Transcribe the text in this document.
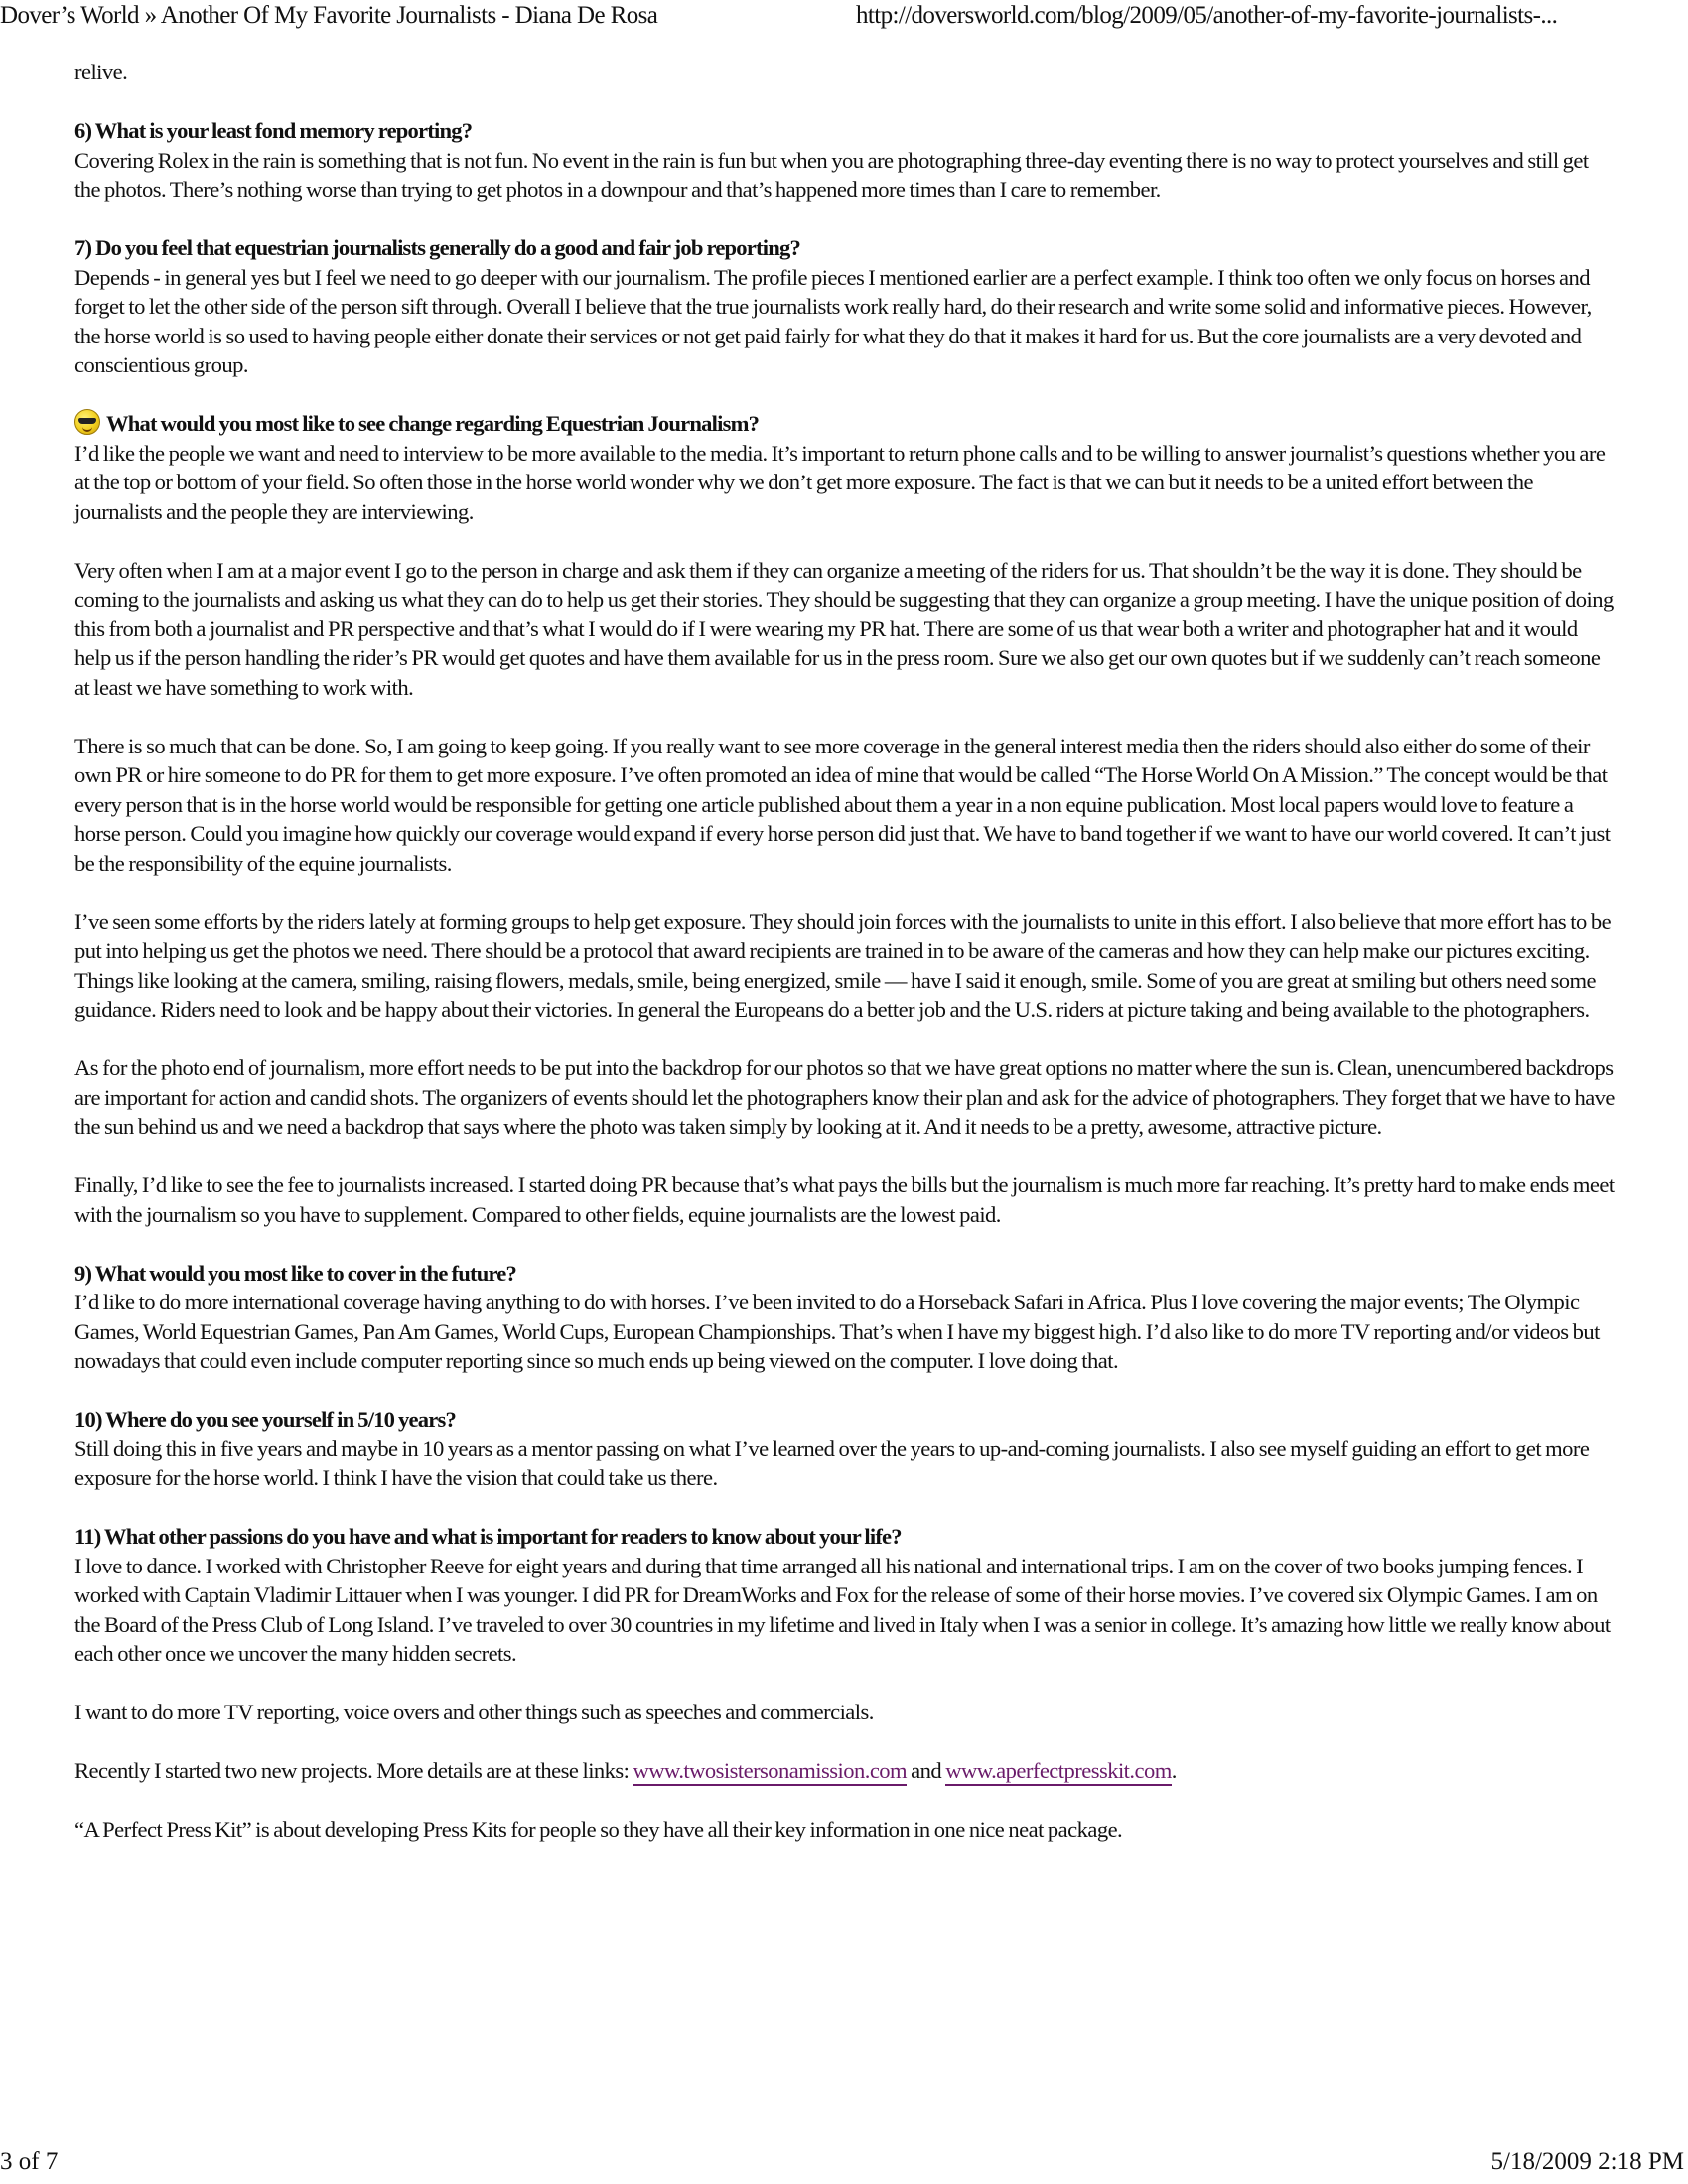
Dover’s World » Another Of My Favorite Journalists - Diana De Rosa	http://doversworld.com/blog/2009/05/another-of-my-favorite-journalists-...

relive.

6) What is your least fond memory reporting?
Covering Rolex in the rain is something that is not fun. No event in the rain is fun but when you are photographing three-day eventing there is no way to protect yourselves and still get the photos. There’s nothing worse than trying to get photos in a downpour and that’s happened more times than I care to remember.

7) Do you feel that equestrian journalists generally do a good and fair job reporting?
Depends - in general yes but I feel we need to go deeper with our journalism. The profile pieces I mentioned earlier are a perfect example. I think too often we only focus on horses and forget to let the other side of the person sift through. Overall I believe that the true journalists work really hard, do their research and write some solid and informative pieces. However, the horse world is so used to having people either donate their services or not get paid fairly for what they do that it makes it hard for us. But the core journalists are a very devoted and conscientious group.

What would you most like to see change regarding Equestrian Journalism?
I’d like the people we want and need to interview to be more available to the media. It’s important to return phone calls and to be willing to answer journalist’s questions whether you are at the top or bottom of your field. So often those in the horse world wonder why we don’t get more exposure. The fact is that we can but it needs to be a united effort between the journalists and the people they are interviewing.

Very often when I am at a major event I go to the person in charge and ask them if they can organize a meeting of the riders for us. That shouldn’t be the way it is done. They should be coming to the journalists and asking us what they can do to help us get their stories. They should be suggesting that they can organize a group meeting. I have the unique position of doing this from both a journalist and PR perspective and that’s what I would do if I were wearing my PR hat. There are some of us that wear both a writer and photographer hat and it would help us if the person handling the rider’s PR would get quotes and have them available for us in the press room. Sure we also get our own quotes but if we suddenly can’t reach someone at least we have something to work with.

There is so much that can be done. So, I am going to keep going. If you really want to see more coverage in the general interest media then the riders should also either do some of their own PR or hire someone to do PR for them to get more exposure. I’ve often promoted an idea of mine that would be called “The Horse World On A Mission.” The concept would be that every person that is in the horse world would be responsible for getting one article published about them a year in a non equine publication. Most local papers would love to feature a horse person. Could you imagine how quickly our coverage would expand if every horse person did just that. We have to band together if we want to have our world covered. It can’t just be the responsibility of the equine journalists.

I’ve seen some efforts by the riders lately at forming groups to help get exposure. They should join forces with the journalists to unite in this effort. I also believe that more effort has to be put into helping us get the photos we need. There should be a protocol that award recipients are trained in to be aware of the cameras and how they can help make our pictures exciting. Things like looking at the camera, smiling, raising flowers, medals, smile, being energized, smile — have I said it enough, smile. Some of you are great at smiling but others need some guidance. Riders need to look and be happy about their victories. In general the Europeans do a better job and the U.S. riders at picture taking and being available to the photographers.

As for the photo end of journalism, more effort needs to be put into the backdrop for our photos so that we have great options no matter where the sun is. Clean, unencumbered backdrops are important for action and candid shots. The organizers of events should let the photographers know their plan and ask for the advice of photographers. They forget that we have to have the sun behind us and we need a backdrop that says where the photo was taken simply by looking at it. And it needs to be a pretty, awesome, attractive picture.

Finally, I’d like to see the fee to journalists increased. I started doing PR because that’s what pays the bills but the journalism is much more far reaching. It’s pretty hard to make ends meet with the journalism so you have to supplement. Compared to other fields, equine journalists are the lowest paid.

9) What would you most like to cover in the future?
I’d like to do more international coverage having anything to do with horses. I’ve been invited to do a Horseback Safari in Africa. Plus I love covering the major events; The Olympic Games, World Equestrian Games, Pan Am Games, World Cups, European Championships. That’s when I have my biggest high. I’d also like to do more TV reporting and/or videos but nowadays that could even include computer reporting since so much ends up being viewed on the computer. I love doing that.

10) Where do you see yourself in 5/10 years?
Still doing this in five years and maybe in 10 years as a mentor passing on what I’ve learned over the years to up-and-coming journalists. I also see myself guiding an effort to get more exposure for the horse world. I think I have the vision that could take us there.

11) What other passions do you have and what is important for readers to know about your life?
I love to dance. I worked with Christopher Reeve for eight years and during that time arranged all his national and international trips. I am on the cover of two books jumping fences. I worked with Captain Vladimir Littauer when I was younger. I did PR for DreamWorks and Fox for the release of some of their horse movies. I’ve covered six Olympic Games. I am on the Board of the Press Club of Long Island. I’ve traveled to over 30 countries in my lifetime and lived in Italy when I was a senior in college. It’s amazing how little we really know about each other once we uncover the many hidden secrets.

I want to do more TV reporting, voice overs and other things such as speeches and commercials.

Recently I started two new projects. More details are at these links: www.twosistersonamission.com and www.aperfectpresskit.com.

“A Perfect Press Kit” is about developing Press Kits for people so they have all their key information in one nice neat package.

3 of 7	5/18/2009 2:18 PM
